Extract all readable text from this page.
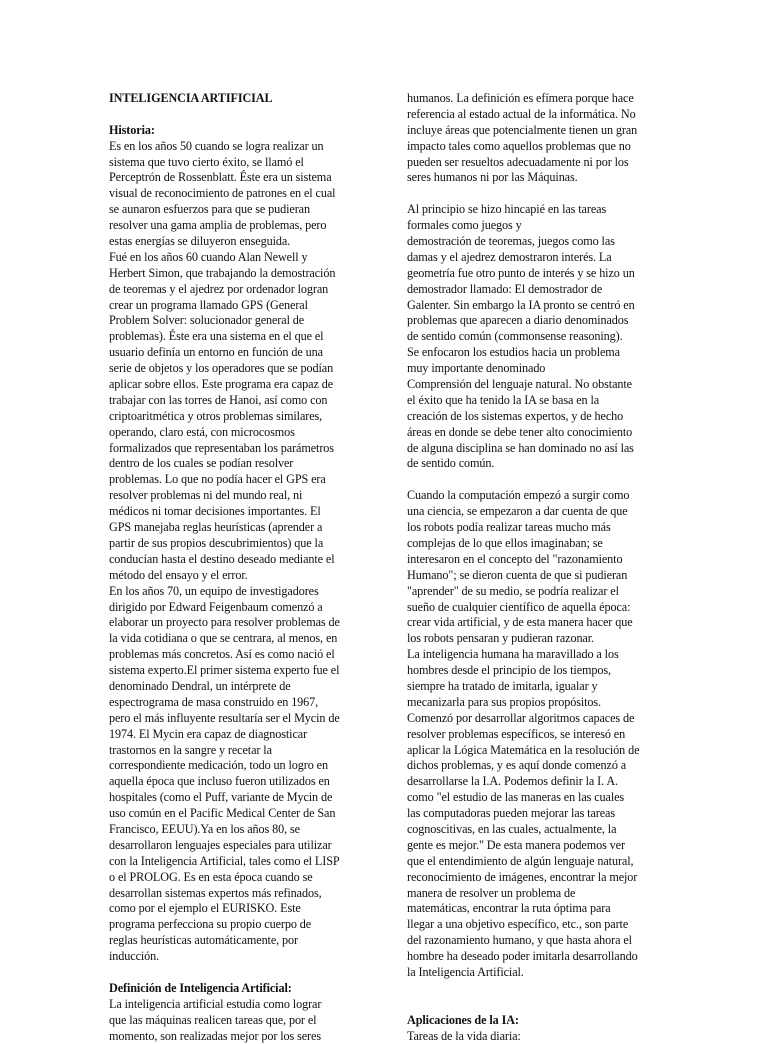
INTELIGENCIA ARTIFICIAL
Historia:
Es en los años 50 cuando se logra realizar un
sistema que tuvo cierto éxito, se llamó el
Perceptrón de Rossenblatt. Éste era un sistema
visual de reconocimiento de patrones en el cual
se aunaron esfuerzos para que se pudieran
resolver una gama amplia de problemas, pero
estas energías se diluyeron enseguida.
Fué en los años 60 cuando Alan Newell y
Herbert Simon, que trabajando la demostración
de teoremas y el ajedrez por ordenador logran
crear un programa llamado GPS (General
Problem Solver: solucionador general de
problemas). Éste era una sistema en el que el
usuario definía un entorno en función de una
serie de objetos y los operadores que se podían
aplicar sobre ellos. Este programa era capaz de
trabajar con las torres de Hanoi, así como con
criptoaritmética y otros problemas similares,
operando, claro está, con microcosmos
formalizados que representaban los parámetros
dentro de los cuales se podían resolver
problemas. Lo que no podía hacer el GPS era
resolver problemas ni del mundo real, ni
médicos ni tomar decisiones importantes. El
GPS manejaba reglas heurísticas (aprender a
partir de sus propios descubrimientos) que la
conducían hasta el destino deseado mediante el
método del ensayo y el error.
En los años 70, un equipo de investigadores
dirigido por Edward Feigenbaum comenzó a
elaborar un proyecto para resolver problemas de
la vida cotidiana o que se centrara, al menos, en
problemas más concretos. Así es como nació el
sistema experto.El primer sistema experto fue el
denominado Dendral, un intérprete de
espectrograma de masa construido en 1967,
pero el más influyente resultaría ser el Mycin de
1974. El Mycin era capaz de diagnosticar
trastornos en la sangre y recetar la
correspondiente medicación, todo un logro en
aquella época que incluso fueron utilizados en
hospitales (como el Puff, variante de Mycin de
uso común en el Pacific Medical Center de San
Francisco, EEUU).Ya en los años 80, se
desarrollaron lenguajes especiales para utilizar
con la Inteligencia Artificial, tales como el LISP
o el PROLOG. Es en esta época cuando se
desarrollan sistemas expertos más refinados,
como por el ejemplo el EURISKO. Este
programa perfecciona su propio cuerpo de
reglas heurísticas automáticamente, por
inducción.
Definición de Inteligencia Artificial:
La inteligencia artificial estudia como lograr
que las máquinas realicen tareas que, por el
momento, son realizadas mejor por los seres
humanos. La definición es efímera porque hace
referencia al estado actual de la informática. No
incluye áreas que potencialmente tienen un gran
impacto tales como aquellos problemas que no
pueden ser resueltos adecuadamente ni por los
seres humanos ni por las Máquinas.
Al principio se hizo hincapié en las tareas
formales como juegos y
demostración de teoremas, juegos como las
damas y el ajedrez demostraron interés. La
geometría fue otro punto de interés y se hizo un
demostrador llamado: El demostrador de
Galenter. Sin embargo la IA pronto se centró en
problemas que aparecen a diario denominados
de sentido común (commonsense reasoning).
Se enfocaron los estudios hacia un problema
muy importante denominado
Comprensión del lenguaje natural. No obstante
el éxito que ha tenido la IA se basa en la
creación de los sistemas expertos, y de hecho
áreas en donde se debe tener alto conocimiento
de alguna disciplina se han dominado no así las
de sentido común.
Cuando la computación empezó a surgir como
una ciencia, se empezaron a dar cuenta de que
los robots podía realizar tareas mucho más
complejas de lo que ellos imaginaban; se
interesaron en el concepto del "razonamiento
Humano"; se dieron cuenta de que si pudieran
"aprender" de su medio, se podría realizar el
sueño de cualquier científico de aquella época:
crear vida artificial, y de esta manera hacer que
los robots pensaran y pudieran razonar.
La inteligencia humana ha maravillado a los
hombres desde el principio de los tiempos,
siempre ha tratado de imitarla, igualar y
mecanizarla para sus propios propósitos.
Comenzó por desarrollar algoritmos capaces de
resolver problemas específicos, se interesó en
aplicar la Lógica Matemática en la resolución de
dichos problemas, y es aquí donde comenzó a
desarrollarse la I.A. Podemos definir la I. A.
como "el estudio de las maneras en las cuales
las computadoras pueden mejorar las tareas
cognoscitivas, en las cuales, actualmente, la
gente es mejor." De esta manera podemos ver
que el entendimiento de algún lenguaje natural,
reconocimiento de imágenes, encontrar la mejor
manera de resolver un problema de
matemáticas, encontrar la ruta óptima para
llegar a una objetivo específico, etc., son parte
del razonamiento humano, y que hasta ahora el
hombre ha deseado poder imitarla desarrollando
la Inteligencia Artificial.
Aplicaciones de la IA:
Tareas de la vida diaria:
